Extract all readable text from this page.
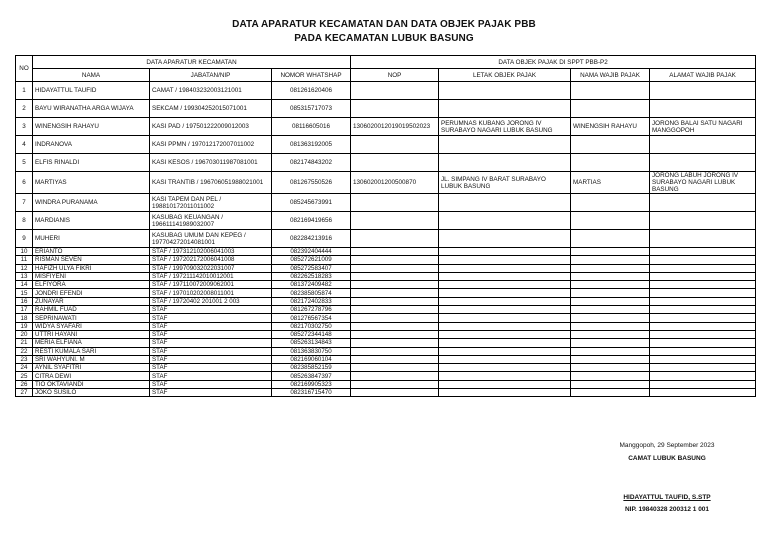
DATA APARATUR KECAMATAN DAN DATA OBJEK PAJAK PBB
PADA KECAMATAN LUBUK BASUNG
NO	DATA APARATUR KECAMATAN			DATA OBJEK PAJAK DI SPPT PBB-P2			
	NAMA	JABATAN/NIP	NOMOR WHATSHAP	NOP	LETAK OBJEK PAJAK	NAMA WAJIB PAJAK	ALAMAT WAJIB PAJAK
1	HIDAYATTUL TAUFID	CAMAT / 198403232003121001	081261620406				
2	BAYU WIRANATHA ARGA WIJAYA	SEKCAM / 199304252015071001	085315717073				
3	WINENGSIH RAHAYU	KASI PAD / 197501222009012003	08116605016	130602001201901950​2023	PERUMNAS KUBANG JORONG IV SURABAYO NAGARI LUBUK BASUNG	WINENGSIH RAHAYU	JORONG BALAI SATU NAGARI MANGGOPOH
4	INDRANOVA	KASI PPMN / 197012172007011002	081363192005				
5	ELFIS RINALDI	KASI KESOS / 196703011987081001	082174843202				
6	MARTIYAS	KASI TRANTIB / 196706051988021001	081267550526	130602001200500870	JL. SIMPANG IV BARAT SURABAYO LUBUK BASUNG	MARTIAS	JORONG LABUH JORONG IV SURABAYO NAGARI LUBUK BASUNG
7	WINDRA PURANAMA	KASI TAPEM DAN PEL / 198810172011011002	085245673991				
8	MARDIANIS	KASUBAG KEUANGAN / 196611141989032007	082169419656				
9	MUHERI	KASUBAG UMUM DAN KEPEG / 197704272014081001	082284213916				
10	ERIANTO	STAF / 197312102006041003	082392404444				
11	RISMAN SEVEN	STAF / 197202172006041008	085272621009				
12	HAFIZH ULYA FIKRI	STAF / 199709032022031007	085272583407				
13	MISFIYENI	STAF / 197211142010012001	082262518283				
14	ELFIYORA	STAF / 197110072009062001	081372409482				
15	JONDRI EFENDI	STAF / 197010202008011001	082385805874				
16	ZUNAYAR	STAF / 19720402 201001 2 003	082172402833				
17	RAHMIL FUAD	STAF	081267278796				
18	SEPRINAWATI	STAF	081276567354				
19	WIDYA SYAFARI	STAF	082170302750				
20	UTTRI HAYANI	STAF	085272344148				
21	MERIA ELFIANA	STAF	085263134843				
22	RESTI KUMALA SARI	STAF	081363830750				
23	SRI WAHYUNI. M	STAF	082169060104				
24	AYNIL SYAFITRI	STAF	082385852159				
25	CITRA DEWI	STAF	085263847397				
26	TIO OKTAVIANDI	STAF	082169905323				
27	JOKO SUSILO	STAF	082316715470				
Manggopoh, 29 September 2023
CAMAT LUBUK BASUNG
HIDAYATTUL TAUFID, S.STP
NIP. 19840328 200312 1 001
